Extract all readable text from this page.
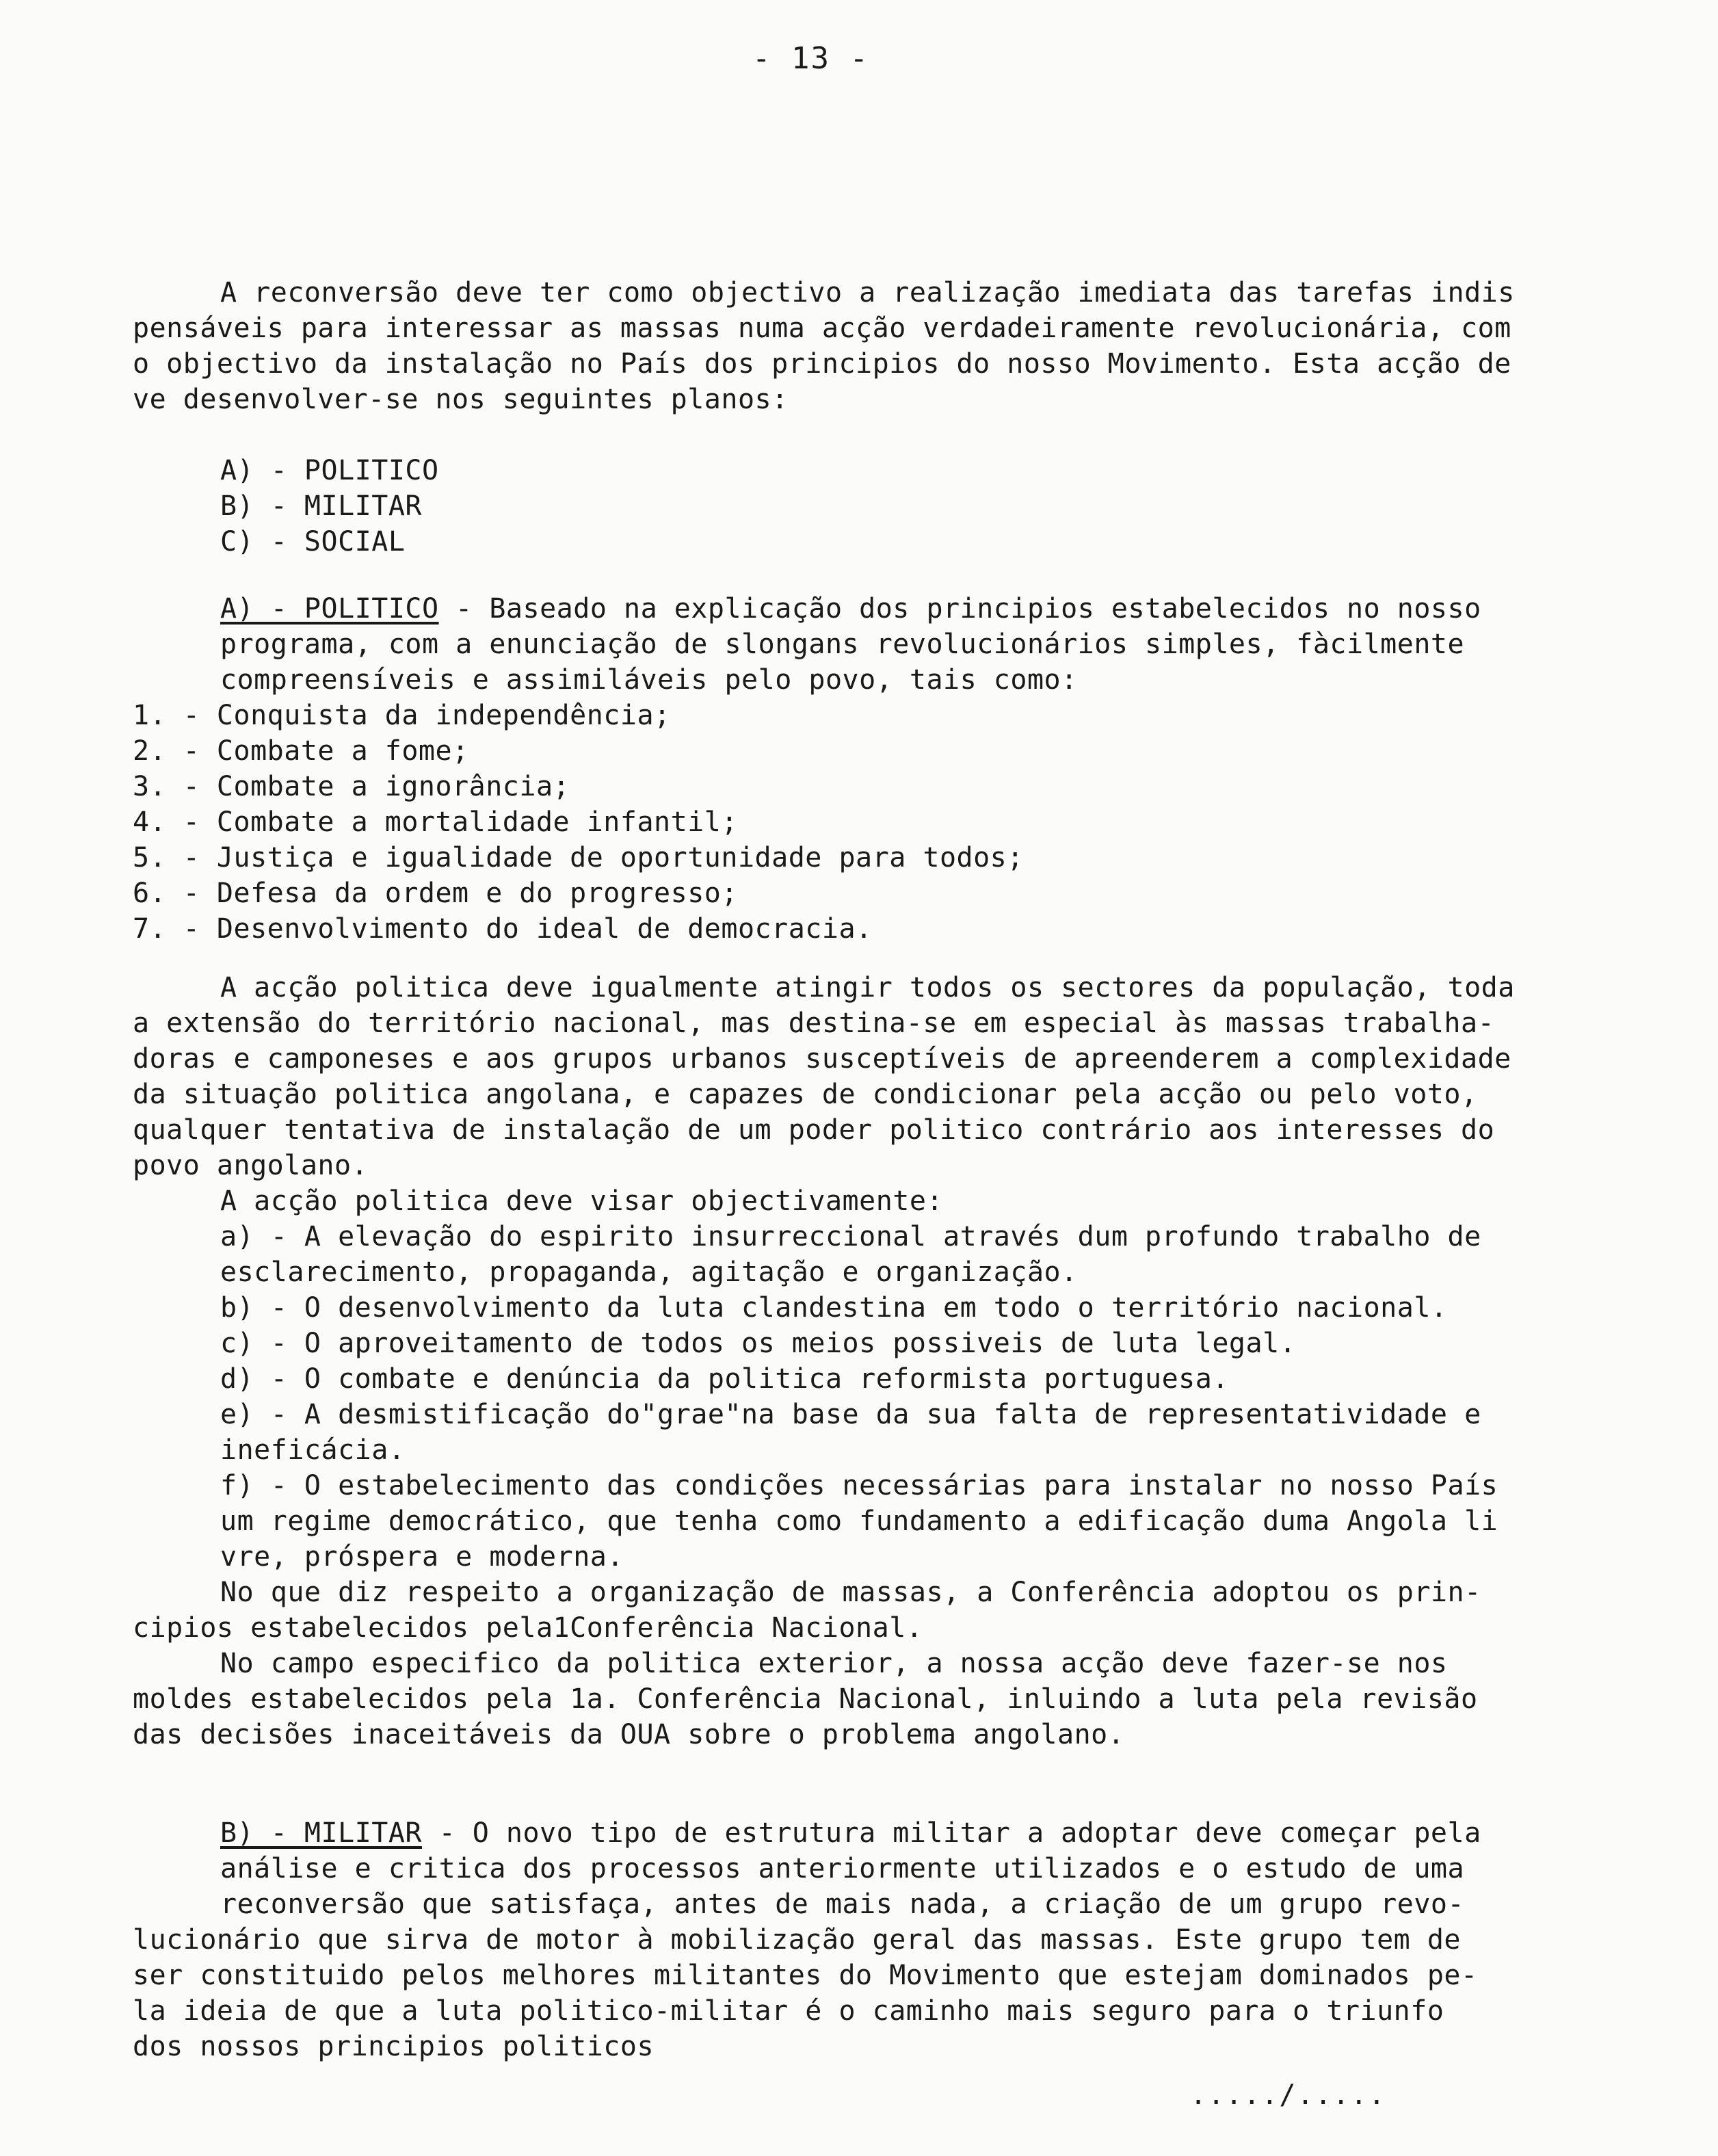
- 13 -
A reconversão deve ter como objectivo a realização imediata das tarefas indis
pensáveis para interessar as massas numa acção verdadeiramente revolucionária, com
o objectivo da instalação no País dos principios do nosso Movimento. Esta acção de
ve desenvolver-se nos seguintes planos:
A) - POLITICO
B) - MILITAR
C) - SOCIAL
A) - POLITICO - Baseado na explicação dos principios estabelecidos no nosso
programa, com a enunciação de slongans revolucionários simples, fàcilmente
compreensíveis e assimiláveis pelo povo, tais como:
1. - Conquista da independência;
2. - Combate a fome;
3. - Combate a ignorância;
4. - Combate a mortalidade infantil;
5. - Justiça e igualidade de oportunidade para todos;
6. - Defesa da ordem e do progresso;
7. - Desenvolvimento do ideal de democracia.
A acção politica deve igualmente atingir todos os sectores da população, toda
a extensão do território nacional, mas destina-se em especial às massas trabalha-
doras e camponeses e aos grupos urbanos susceptíveis de apreenderem a complexidade
da situação politica angolana, e capazes de condicionar pela acção ou pelo voto,
qualquer tentativa de instalação de um poder politico contrário aos interesses do
povo angolano.
A acção politica deve visar objectivamente:
a) - A elevação do espirito insurreccional através dum profundo trabalho de
esclarecimento, propaganda, agitação e organização.
b) - O desenvolvimento da luta clandestina em todo o território nacional.
c) - O aproveitamento de todos os meios possiveis de luta legal.
d) - O combate e denúncia da politica reformista portuguesa.
e) - A desmistificação do"grae"na base da sua falta de representatividade e
ineficácia.
f) - O estabelecimento das condições necessárias para instalar no nosso País
um regime democrático, que tenha como fundamento a edificação duma Angola li
vre, próspera e moderna.
No que diz respeito a organização de massas, a Conferência adoptou os prin-
cipios estabelecidos pela1Conferência Nacional.
No campo especifico da politica exterior, a nossa acção deve fazer-se nos
moldes estabelecidos pela 1a. Conferência Nacional, inluindo a luta pela revisão
das decisões inaceitáveis da OUA sobre o problema angolano.
B) - MILITAR - O novo tipo de estrutura militar a adoptar deve começar pela
análise e critica dos processos anteriormente utilizados e o estudo de uma
reconversão que satisfaça, antes de mais nada, a criação de um grupo revo-
lucionário que sirva de motor à mobilização geral das massas. Este grupo tem de
ser constituido pelos melhores militantes do Movimento que estejam dominados pe-
la ideia de que a luta politico-militar é o caminho mais seguro para o triunfo
dos nossos principios politicos
...../.....
